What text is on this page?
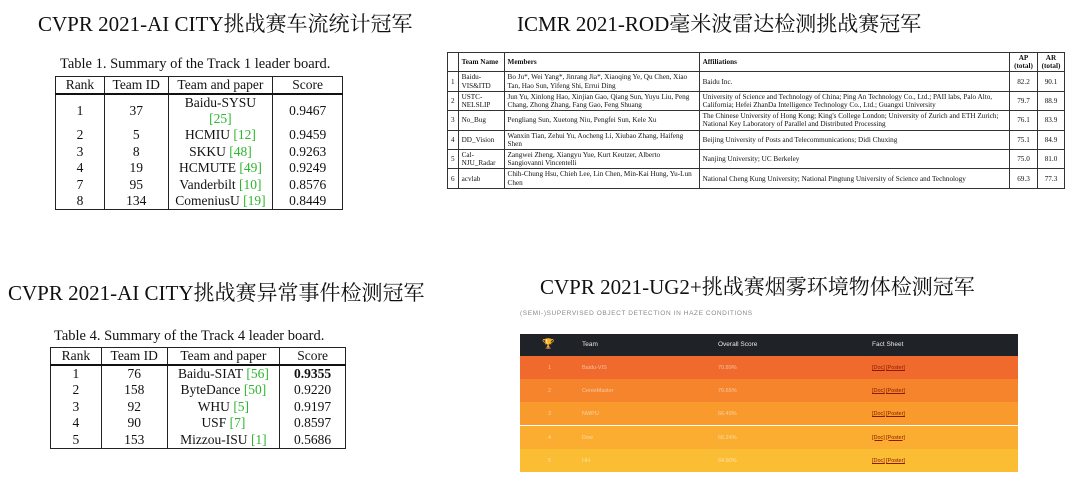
CVPR 2021-AI CITY挑战赛车流统计冠军	ICMR 2021-ROD毫米波雷达检测挑战赛冠军
CVPR 2021-AI CITY挑战赛异常事件检测冠军	CVPR 2021-UG2+挑战赛烟雾环境物体检测冠军
Table 1. Summary of the Track 1 leader board.
Rank	Team ID	Team and paper	Score
1	37	Baidu-SYSU [25]	0.9467
2	5	HCMIU [12]	0.9459
3	8	SKKU [48]	0.9263
4	19	HCMUTE [49]	0.9249
7	95	Vanderbilt [10]	0.8576
8	134	ComeniusU [19]	0.8449
Table 4. Summary of the Track 4 leader board.
Rank	Team ID	Team and paper	Score
1	76	Baidu-SIAT [56]	0.9355
2	158	ByteDance [50]	0.9220
3	92	WHU [5]	0.9197
4	90	USF [7]	0.8597
5	153	Mizzou-ISU [1]	0.5686
	Team Name	Members	Affiliations	AP (total)	AR (total)
1	Baidu-VIS&ITD	Bo Ju*, Wei Yang*, Jinrang Jia*, Xiaoqing Ye, Qu Chen, Xiao Tan, Hao Sun, Yifeng Shi, Errui Ding	Baidu Inc.	82.2	90.1
2	USTC-NELSLIP	Jun Yu, Xinlong Hao, Xinjian Gao, Qiang Sun, Yuyu Liu, Peng Chang, Zhong Zhang, Fang Gao, Feng Shuang	University of Science and Technology of China; Ping An Technology Co., Ltd.; PAII labs, Palo Alto, California; Hefei ZhanDa Intelligence Technology Co., Ltd.; Guangxi University	79.7	88.9
3	No_Bug	Pengliang Sun, Xuetong Niu, Pengfei Sun, Kele Xu	The Chinese University of Hong Kong; King's College London; University of Zurich and ETH Zurich; National Key Laboratory of Parallel and Distributed Processing	76.1	83.9
4	DD_Vision	Wanxin Tian, Zehui Yu, Aocheng Li, Xiubao Zhang, Haifeng Shen	Beijing University of Posts and Telecommunications; Didi Chuxing	75.1	84.9
5	Cal-NJU_Radar	Zangwei Zheng, Xiangyu Yue, Kurt Keutzer, Alberto Sangiovanni Vincentelli	Nanjing University; UC Berkeley	75.0	81.0
6	acvlab	Chih-Chung Hsu, Chieh Lee, Lin Chen, Min-Kai Hung, Yu-Lun Chen	National Cheng Kung University; National Pingtung University of Science and Technology	69.3	77.3
(SEMI-)SUPERVISED OBJECT DETECTION IN HAZE CONDITIONS
🏆	Team	Overall Score	Fact Sheet
1	Baidu-VIS	70.89%	[Doc] [Poster]
2	CeresMaster	70.65%	[Doc] [Poster]
3	NWPU	66.49%	[Doc] [Poster]
4	Dow	66.24%	[Doc] [Poster]
5	HH	64.90%	[Doc] [Poster]
